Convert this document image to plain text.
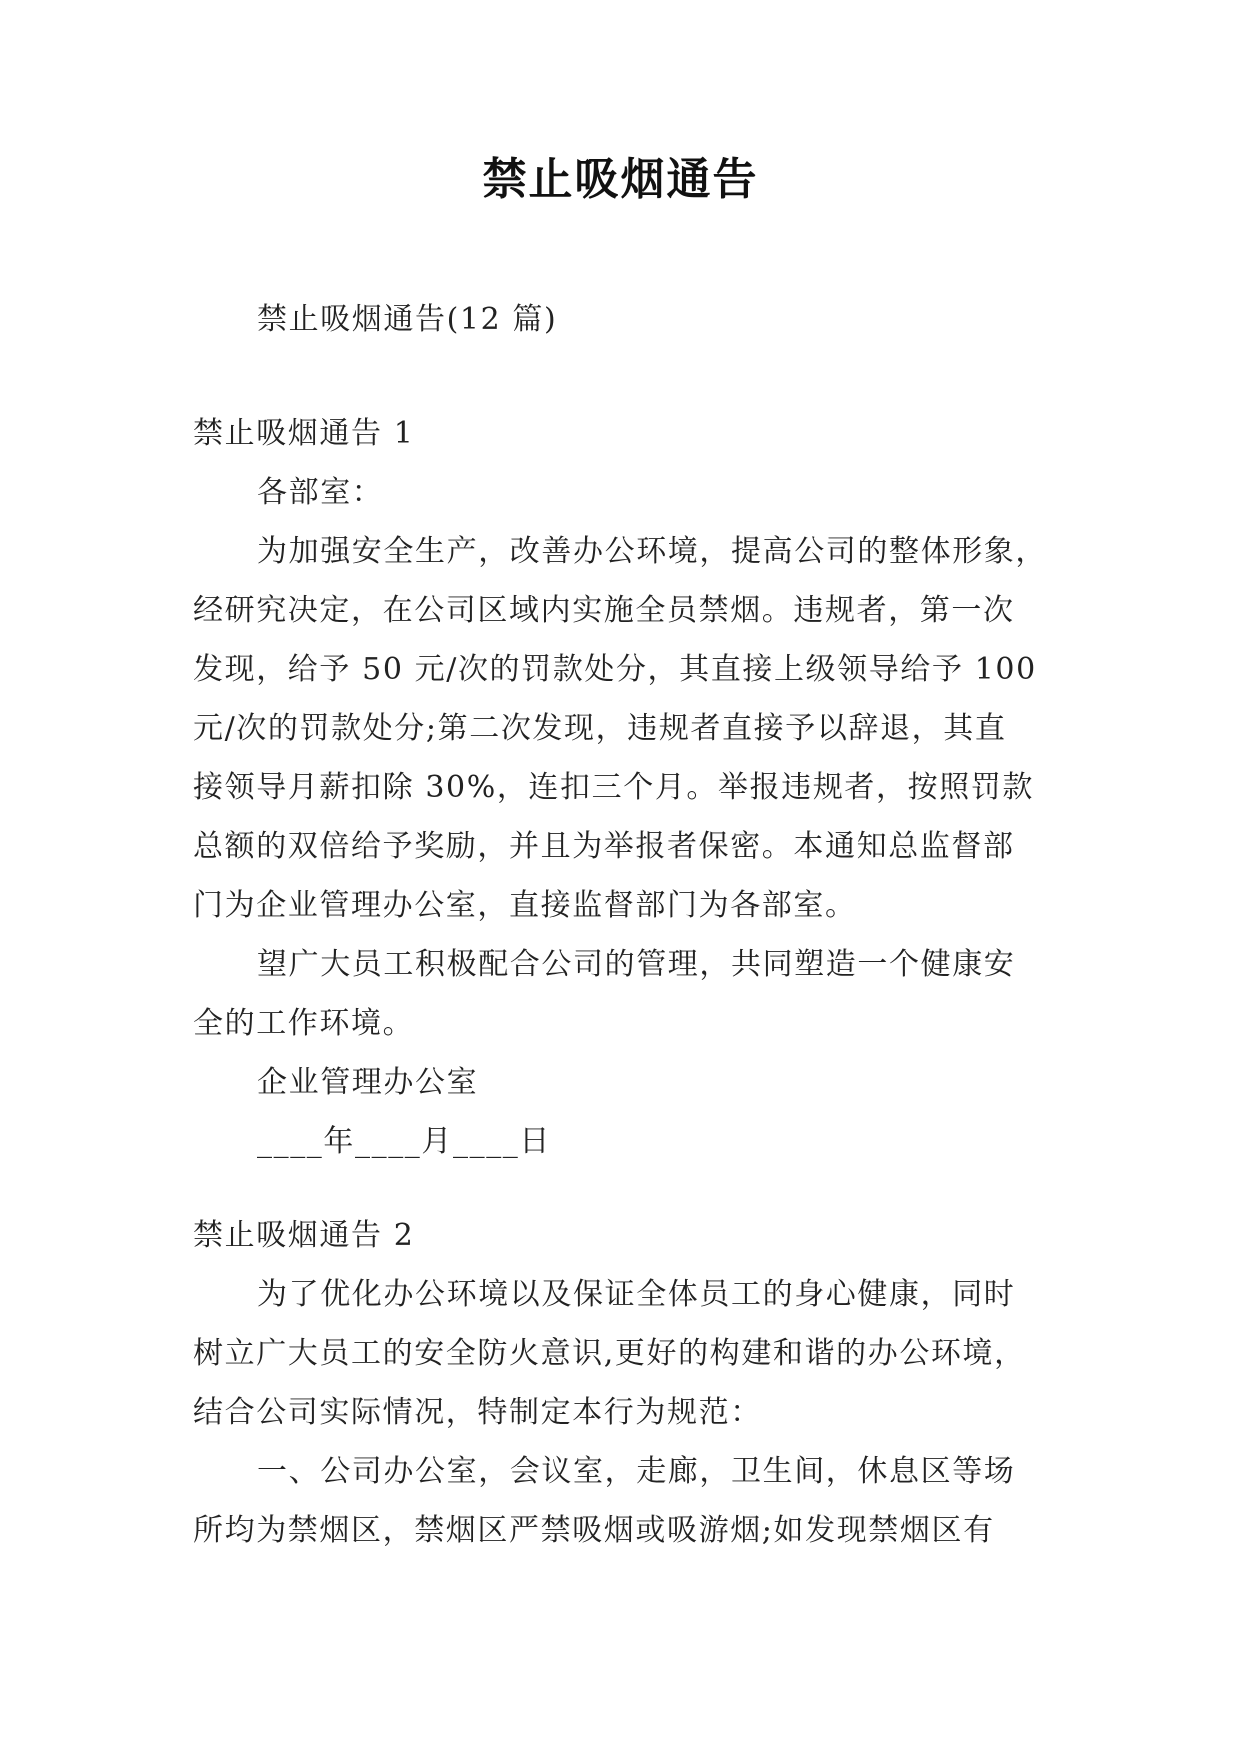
禁止吸烟通告
禁止吸烟通告(12 篇)

禁止吸烟通告 1

各部室：

为加强安全生产，改善办公环境，提高公司的整体形象，

经研究决定，在公司区域内实施全员禁烟。违规者，第一次

发现，给予 50 元/次的罚款处分，其直接上级领导给予 100

元/次的罚款处分;第二次发现，违规者直接予以辞退，其直

接领导月薪扣除 30%，连扣三个月。举报违规者，按照罚款

总额的双倍给予奖励，并且为举报者保密。本通知总监督部

门为企业管理办公室，直接监督部门为各部室。

望广大员工积极配合公司的管理，共同塑造一个健康安

全的工作环境。

企业管理办公室

____年____月____日

禁止吸烟通告 2

为了优化办公环境以及保证全体员工的身心健康，同时

树立广大员工的安全防火意识,更好的构建和谐的办公环境，

结合公司实际情况，特制定本行为规范：

一、公司办公室，会议室，走廊，卫生间，休息区等场

所均为禁烟区，禁烟区严禁吸烟或吸游烟;如发现禁烟区有
